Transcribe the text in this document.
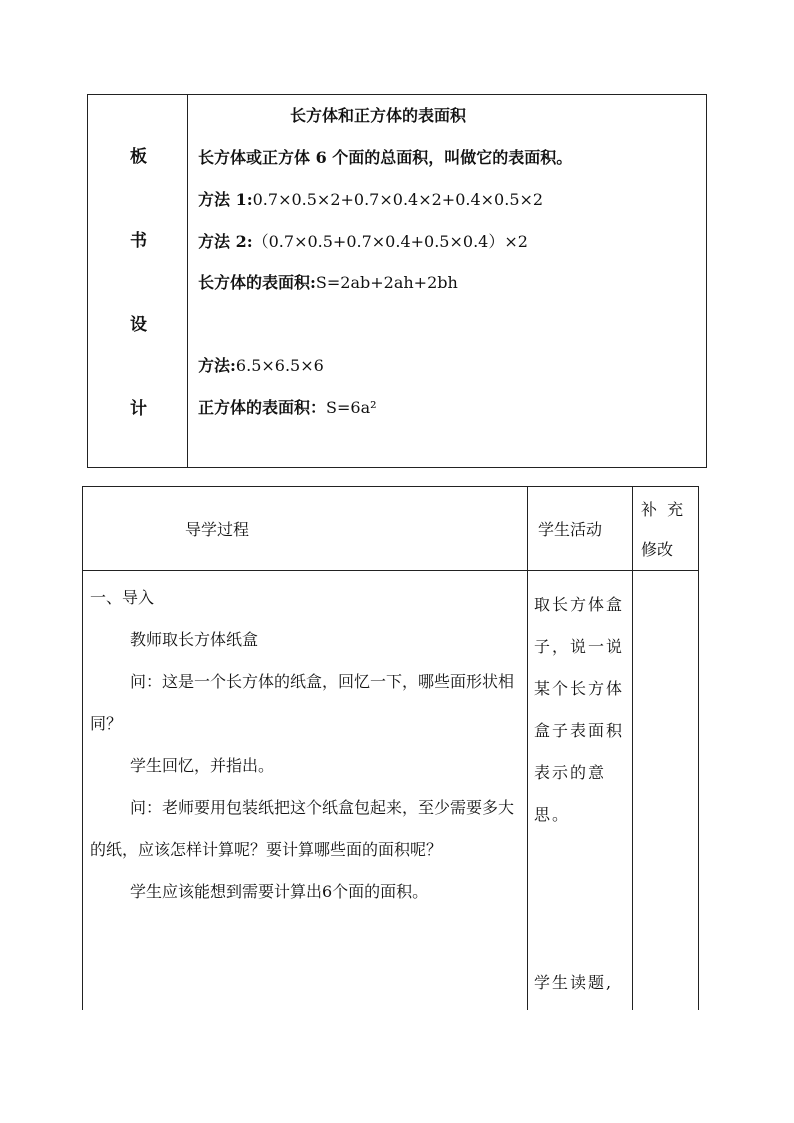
板
书
设
计
长方体和正方体的表面积
长方体或正方体 6 个面的总面积，叫做它的表面积。
方法 1:0.7×0.5×2+0.7×0.4×2+0.4×0.5×2
方法 2:（0.7×0.5+0.7×0.4+0.5×0.4）×2
长方体的表面积:S=2ab+2ah+2bh
方法:6.5×6.5×6
正方体的表面积：S=6a²
导学过程	学生活动
补  充
修改

一、导入

教师取长方体纸盒

问：这是一个长方体的纸盒，回忆一下，哪些面形状相同？

学生回忆，并指出。

问：老师要用包装纸把这个纸盒包起来，至少需要多大的纸，应该怎样计算呢？要计算哪些面的面积呢？

学生应该能想到需要计算出6个面的面积。

取长方体盒子，说一说某个长方体盒子表面积表示的意思。

学生读题,
